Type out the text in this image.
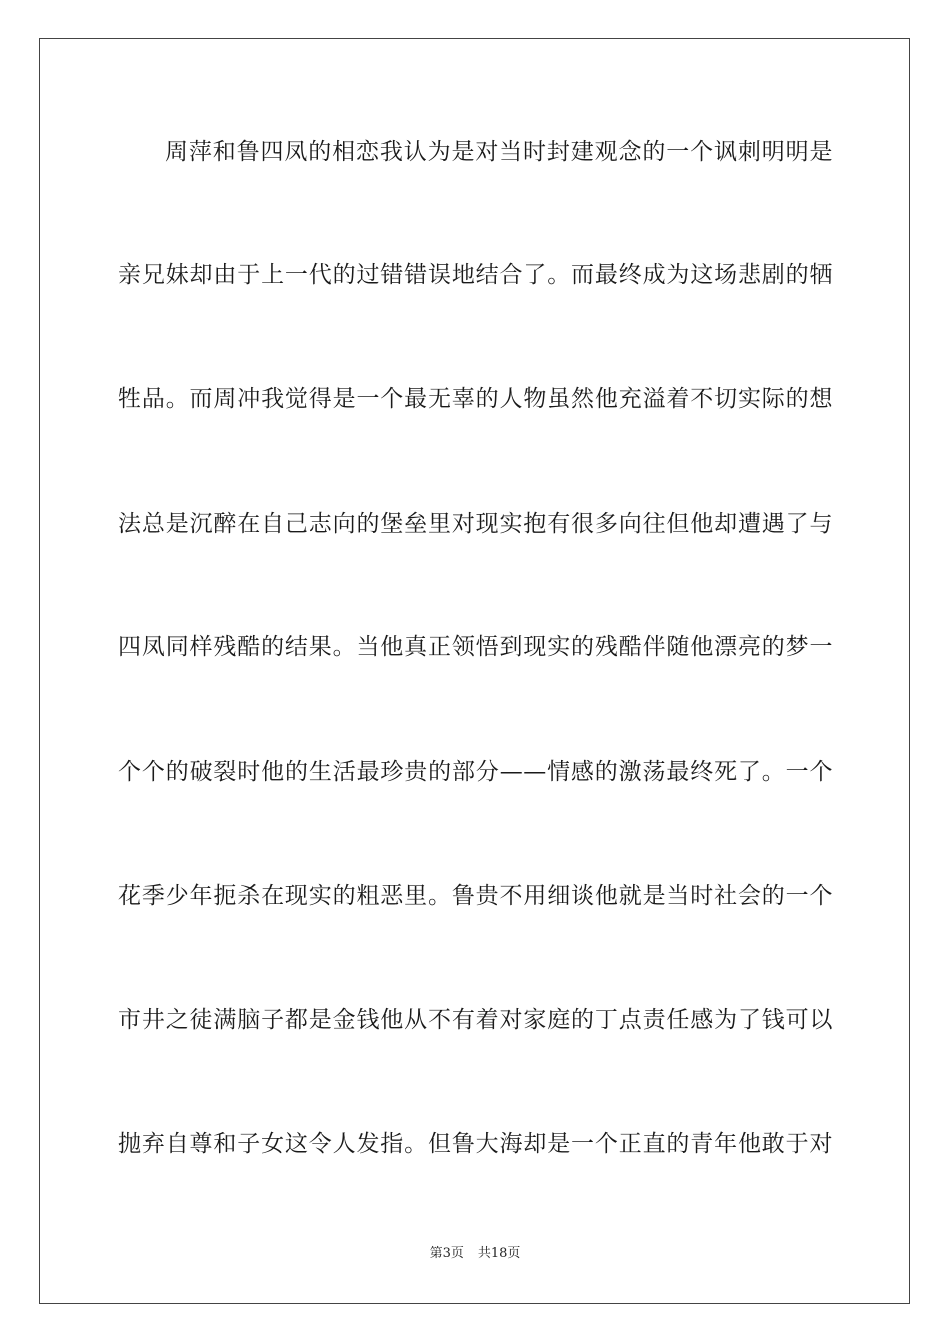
周萍和鲁四凤的相恋我认为是对当时封建观念的一个讽刺明明是
亲兄妹却由于上一代的过错错误地结合了。而最终成为这场悲剧的牺
牲品。而周冲我觉得是一个最无辜的人物虽然他充溢着不切实际的想
法总是沉醉在自己志向的堡垒里对现实抱有很多向往但他却遭遇了与
四凤同样残酷的结果。当他真正领悟到现实的残酷伴随他漂亮的梦一
个个的破裂时他的生活最珍贵的部分——情感的激荡最终死了。一个
花季少年扼杀在现实的粗恶里。鲁贵不用细谈他就是当时社会的一个
市井之徒满脑子都是金钱他从不有着对家庭的丁点责任感为了钱可以
抛弃自尊和子女这令人发指。但鲁大海却是一个正直的青年他敢于对
第3页 共18页
